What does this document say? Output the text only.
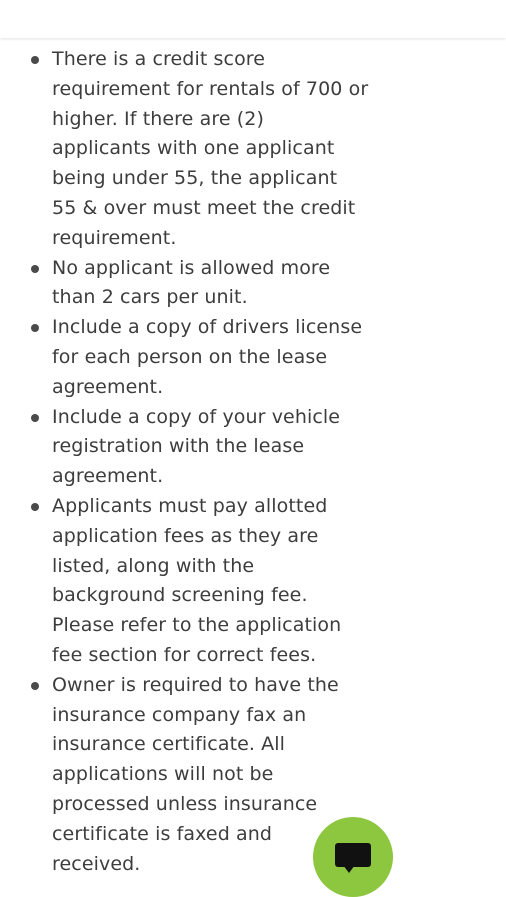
There is a credit score
requirement for rentals of 700 or
higher. If there are (2)
applicants with one applicant
being under 55, the applicant
55 & over must meet the credit
requirement.
No applicant is allowed more
than 2 cars per unit.
Include a copy of drivers license
for each person on the lease
agreement.
Include a copy of your vehicle
registration with the lease
agreement.
Applicants must pay allotted
application fees as they are
listed, along with the
background screening fee.
Please refer to the application
fee section for correct fees.
Owner is required to have the
insurance company fax an
insurance certificate. All
applications will not be
processed unless insurance
certificate is faxed and
received.
